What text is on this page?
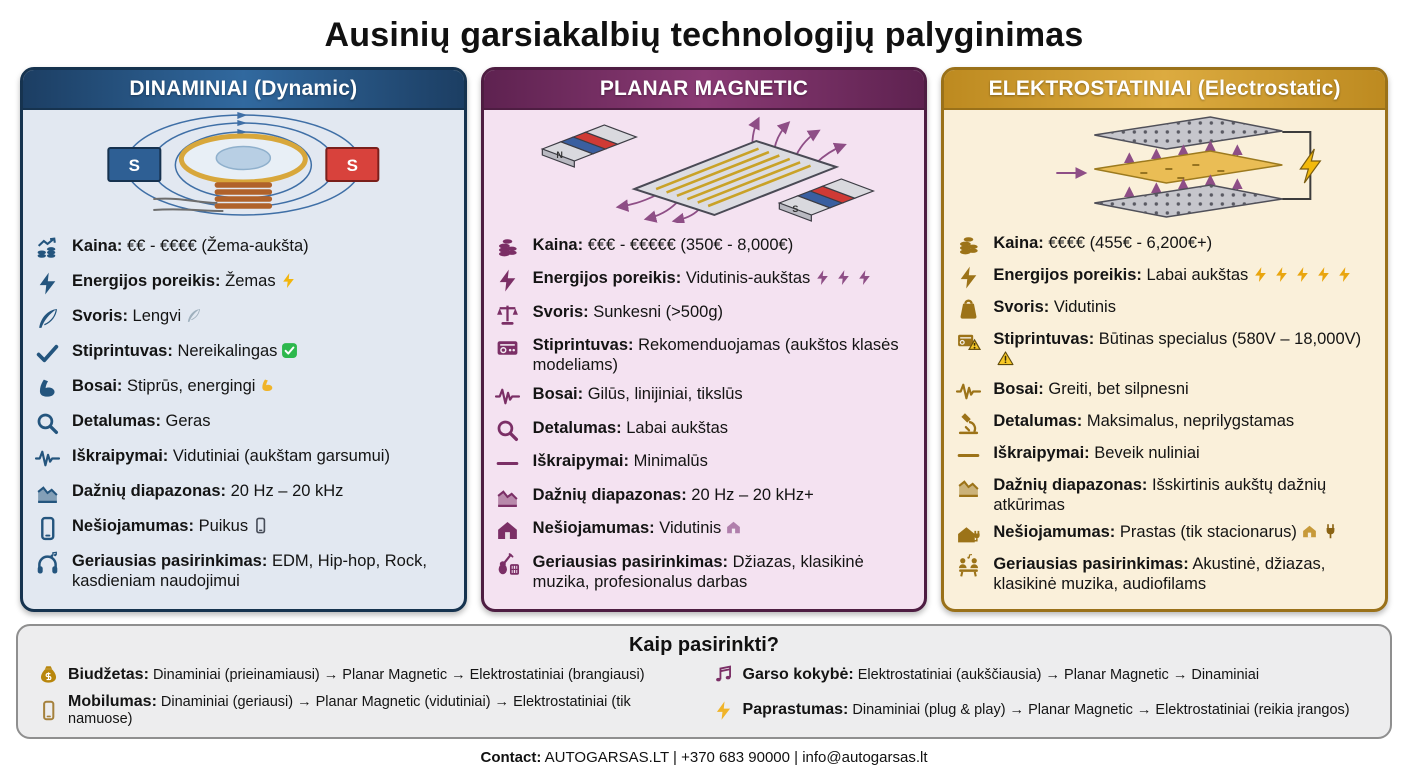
Ausinių garsiakalbių technologijų palyginimas
DINAMINIAI (Dynamic)
S	S
Kaina: €€ - €€€€ (Žema-aukšta)
Energijos poreikis: Žemas
Svoris: Lengvi
Stiprintuvas: Nereikalingas
Bosai: Stiprūs, energingi
Detalumas: Geras
Iškraipymai: Vidutiniai (aukštam garsumui)
Dažnių diapazonas: 20 Hz – 20 kHz
Nešiojamumas: Puikus
Geriausias pasirinkimas: EDM, Hip-hop, Rock, kasdieniam naudojimui
PLANAR MAGNETIC
N
S
Kaina: €€€ - €€€€€ (350€ - 8,000€)
Energijos poreikis: Vidutinis-aukštas
Svoris: Sunkesni (>500g)
Stiprintuvas: Rekomenduojamas (aukštos klasės modeliams)
Bosai: Gilūs, linijiniai, tikslūs
Detalumas: Labai aukštas
Iškraipymai: Minimalūs
Dažnių diapazonas: 20 Hz – 20 kHz+
Nešiojamumas: Vidutinis
Geriausias pasirinkimas: Džiazas, klasikinė muzika, profesionalus darbas
ELEKTROSTATINIAI (Electrostatic)
Kaina: €€€€ (455€ - 6,200€+)
Energijos poreikis: Labai aukštas
Svoris: Vidutinis
Stiprintuvas: Būtinas specialus (580V – 18,000V)
Bosai: Greiti, bet silpnesni
Detalumas: Maksimalus, neprilygstamas
Iškraipymai: Beveik nuliniai
Dažnių diapazonas: Išskirtinis aukštų dažnių atkūrimas
Nešiojamumas: Prastas (tik stacionarus)
Geriausias pasirinkimas: Akustinė, džiazas, klasikinė muzika, audiofilams
Kaip pasirinkti?
Biudžetas: Dinaminiai (prieinamiausi) → Planar Magnetic → Elektrostatiniai (brangiausi)	Garso kokybė: Elektrostatiniai (aukščiausia) → Planar Magnetic → Dinaminiai
Mobilumas: Dinaminiai (geriausi) → Planar Magnetic (vidutiniai) → Elektrostatiniai (tik namuose)
Paprastumas: Dinaminiai (plug & play) → Planar Magnetic → Elektrostatiniai (reikia įrangos)
Contact: AUTOGARSAS.LT | +370 683 90000 | info@autogarsas.lt
